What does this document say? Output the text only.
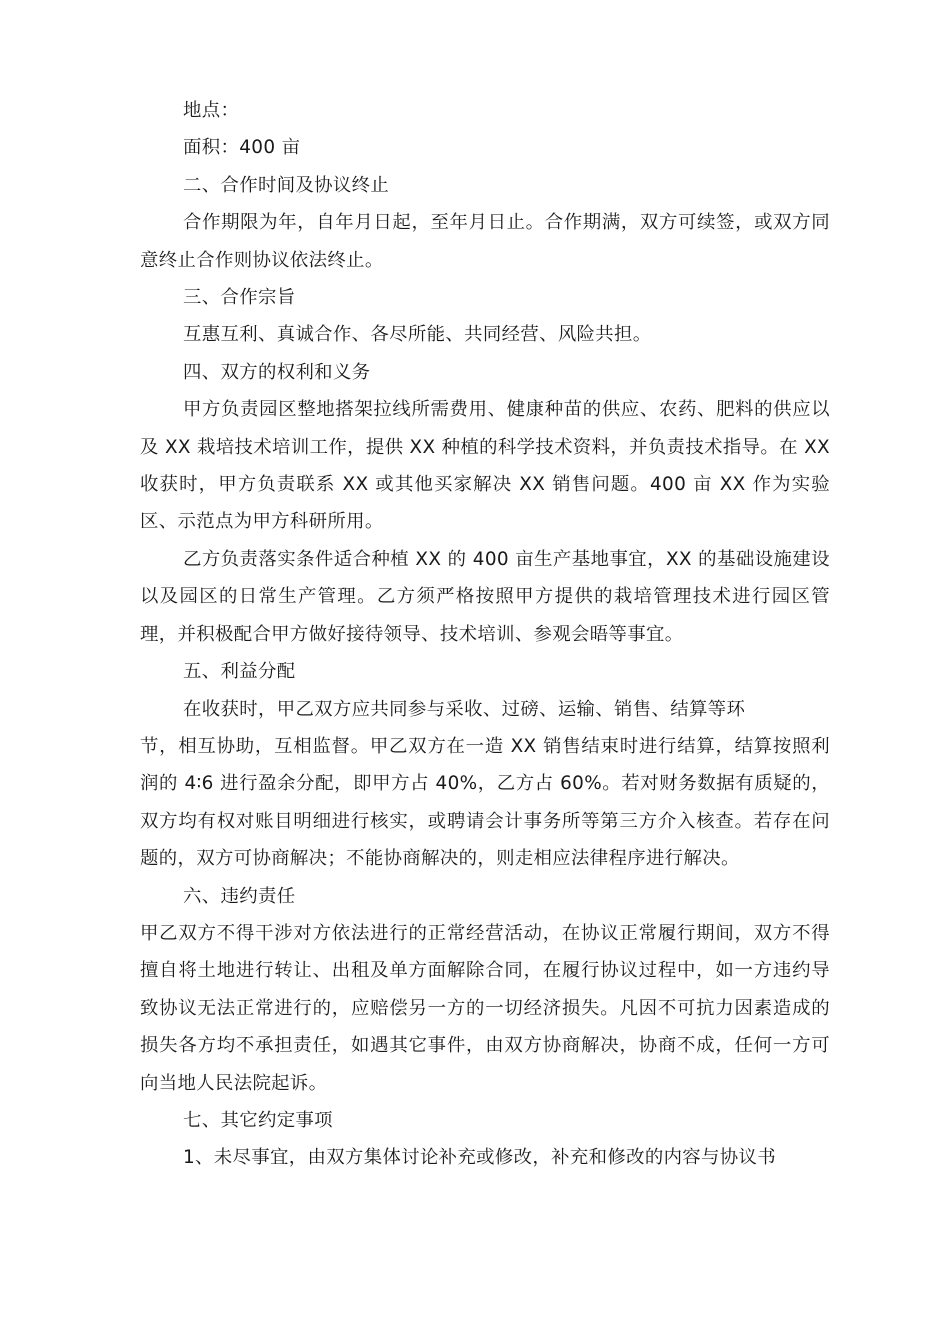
地点：

面积：400 亩

二、合作时间及协议终止

合作期限为年，自年月日起，至年月日止。合作期满，双方可续签，或双方同意终止合作则协议依法终止。

三、合作宗旨

互惠互利、真诚合作、各尽所能、共同经营、风险共担。

四、双方的权利和义务

甲方负责园区整地搭架拉线所需费用、健康种苗的供应、农药、肥料的供应以及 XX 栽培技术培训工作，提供 XX 种植的科学技术资料，并负责技术指导。在 XX 收获时，甲方负责联系 XX 或其他买家解决 XX 销售问题。400 亩 XX 作为实验区、示范点为甲方科研所用。

乙方负责落实条件适合种植 XX 的 400 亩生产基地事宜，XX 的基础设施建设以及园区的日常生产管理。乙方须严格按照甲方提供的栽培管理技术进行园区管理，并积极配合甲方做好接待领导、技术培训、参观会晤等事宜。

五、利益分配

在收获时，甲乙双方应共同参与采收、过磅、运输、销售、结算等环

节，相互协助，互相监督。甲乙双方在一造 XX 销售结束时进行结算，结算按照利润的 4∶6 进行盈余分配，即甲方占 40%，乙方占 60%。若对财务数据有质疑的，双方均有权对账目明细进行核实，或聘请会计事务所等第三方介入核查。若存在问题的，双方可协商解决；不能协商解决的，则走相应法律程序进行解决。

六、违约责任

甲乙双方不得干涉对方依法进行的正常经营活动，在协议正常履行期间，双方不得擅自将土地进行转让、出租及单方面解除合同，在履行协议过程中，如一方违约导致协议无法正常进行的，应赔偿另一方的一切经济损失。凡因不可抗力因素造成的损失各方均不承担责任，如遇其它事件，由双方协商解决，协商不成，任何一方可向当地人民法院起诉。

七、其它约定事项

1、未尽事宜，由双方集体讨论补充或修改，补充和修改的内容与协议书
